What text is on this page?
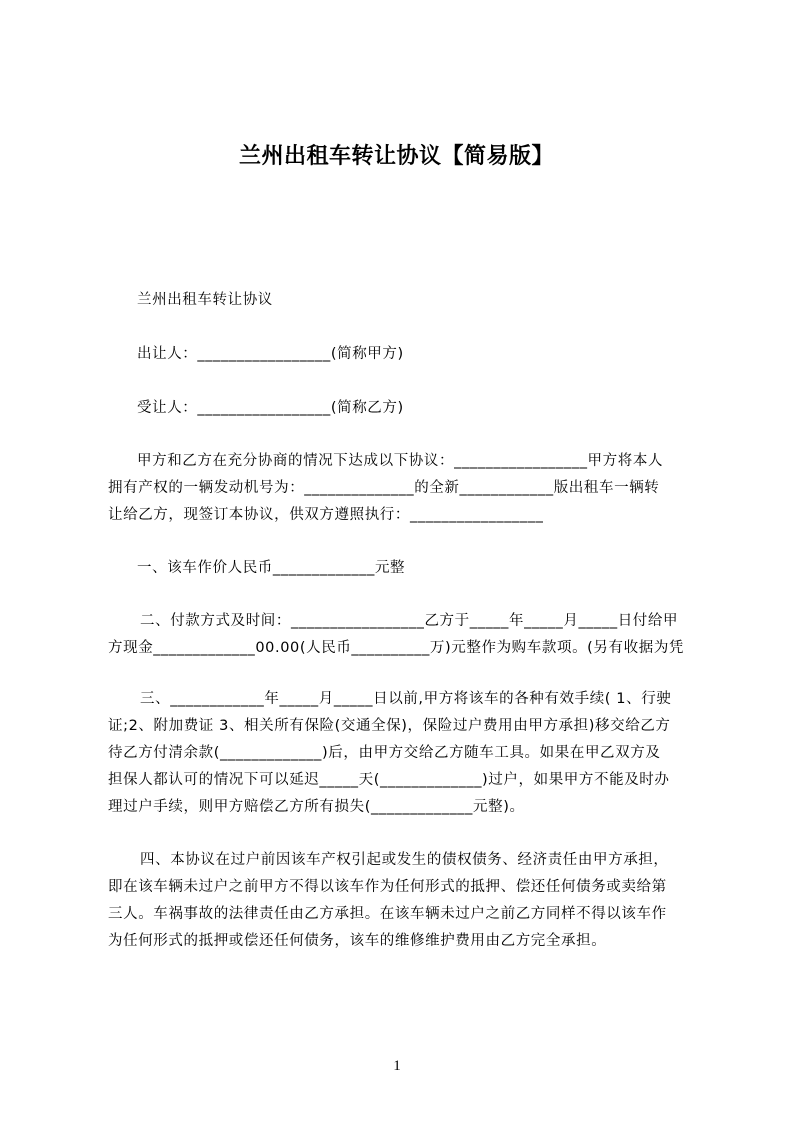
兰州出租车转让协议【简易版】
兰州出租车转让协议
出让人：_________________(简称甲方)
受让人：_________________(简称乙方)
甲方和乙方在充分协商的情况下达成以下协议：_________________甲方将本人
拥有产权的一辆发动机号为：______________的全新____________版出租车一辆转
让给乙方，现签订本协议，供双方遵照执行：_________________
一、该车作价人民币_____________元整
二、付款方式及时间：_________________乙方于_____年_____月_____日付给甲
方现金_____________00.00(人民币__________万)元整作为购车款项。(另有收据为凭
三、____________年_____月_____日以前,甲方将该车的各种有效手续( 1、行驶
证;2、附加费证 3、相关所有保险(交通全保)，保险过户费用由甲方承担)移交给乙方
待乙方付清余款(_____________)后，由甲方交给乙方随车工具。如果在甲乙双方及
担保人都认可的情况下可以延迟_____天(_____________)过户，如果甲方不能及时办
理过户手续，则甲方赔偿乙方所有损失(_____________元整)。
四、本协议在过户前因该车产权引起或发生的债权债务、经济责任由甲方承担，
即在该车辆未过户之前甲方不得以该车作为任何形式的抵押、偿还任何债务或卖给第
三人。车祸事故的法律责任由乙方承担。在该车辆未过户之前乙方同样不得以该车作
为任何形式的抵押或偿还任何债务，该车的维修维护费用由乙方完全承担。
1
